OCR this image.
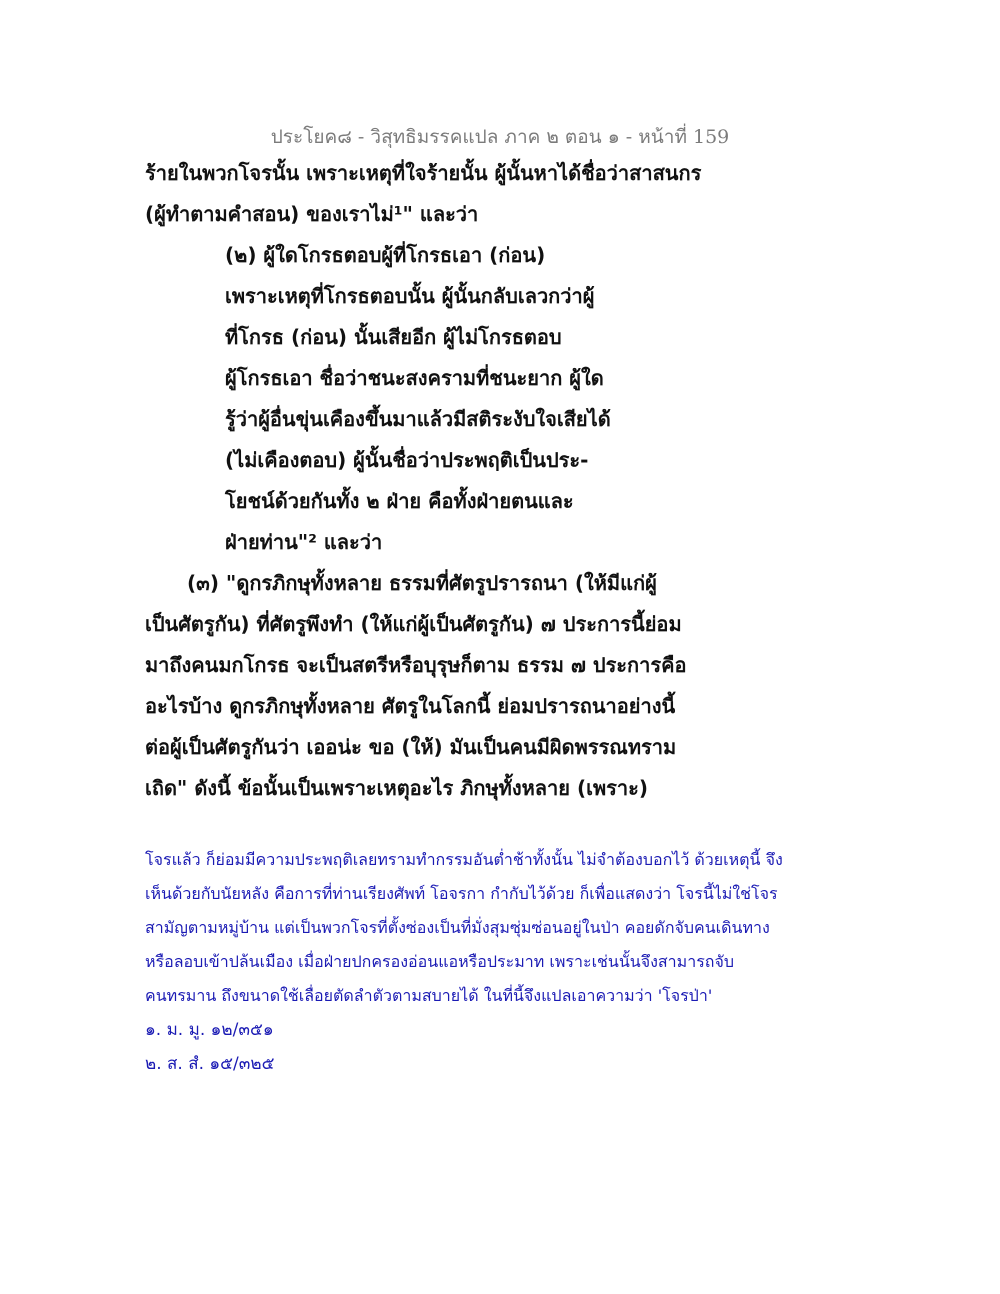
ประโยค๘ - วิสุทธิมรรคแปล ภาค ๒ ตอน ๑ - หน้าที่ 159
ร้ายในพวกโจรนั้น เพราะเหตุที่ใจร้ายนั้น ผู้นั้นหาได้ชื่อว่าสาสนกร
(ผู้ทำตามคำสอน) ของเราไม่¹" และว่า
(๒) ผู้ใดโกรธตอบผู้ที่โกรธเอา (ก่อน)
เพราะเหตุที่โกรธตอบนั้น ผู้นั้นกลับเลวกว่าผู้
ที่โกรธ (ก่อน) นั้นเสียอีก ผู้ไม่โกรธตอบ
ผู้โกรธเอา ชื่อว่าชนะสงครามที่ชนะยาก ผู้ใด
รู้ว่าผู้อื่นขุ่นเคืองขึ้นมาแล้วมีสติระงับใจเสียได้
(ไม่เคืองตอบ) ผู้นั้นชื่อว่าประพฤติเป็นประ-
โยชน์ด้วยกันทั้ง ๒ ฝ่าย คือทั้งฝ่ายตนและ
ฝ่ายท่าน"² และว่า
(๓) "ดูกรภิกษุทั้งหลาย ธรรมที่ศัตรูปรารถนา (ให้มีแก่ผู้
เป็นศัตรูกัน) ที่ศัตรูพึงทำ (ให้แก่ผู้เป็นศัตรูกัน) ๗ ประการนี้ย่อม
มาถึงคนมกโกรธ จะเป็นสตรีหรือบุรุษก็ตาม ธรรม ๗ ประการคือ
อะไรบ้าง ดูกรภิกษุทั้งหลาย ศัตรูในโลกนี้ ย่อมปรารถนาอย่างนี้
ต่อผู้เป็นศัตรูกันว่า เออน่ะ ขอ (ให้) มันเป็นคนมีผิดพรรณทราม
เถิด" ดังนี้ ข้อนั้นเป็นเพราะเหตุอะไร ภิกษุทั้งหลาย (เพราะ)
โจรแล้ว ก็ย่อมมีความประพฤติเลยทรามทำกรรมอันต่ำช้าทั้งนั้น ไม่จำต้องบอกไว้ ด้วยเหตุนี้ จึง
เห็นด้วยกับนัยหลัง คือการที่ท่านเรียงศัพท์ โอจรกา กำกับไว้ด้วย ก็เพื่อแสดงว่า โจรนี้ไม่ใช่โจร
สามัญตามหมู่บ้าน แต่เป็นพวกโจรที่ตั้งซ่องเป็นที่มั่งสุมซุ่มซ่อนอยู่ในป่า คอยดักจับคนเดินทาง
หรือลอบเข้าปล้นเมือง เมื่อฝ่ายปกครองอ่อนแอหรือประมาท เพราะเช่นนั้นจึงสามารถจับ
คนทรมาน ถึงขนาดใช้เลื่อยตัดลำตัวตามสบายได้ ในที่นี้จึงแปลเอาความว่า 'โจรป่า'
๑. ม. มู. ๑๒/๓๕๑
๒. ส. สํ. ๑๕/๓๒๕
